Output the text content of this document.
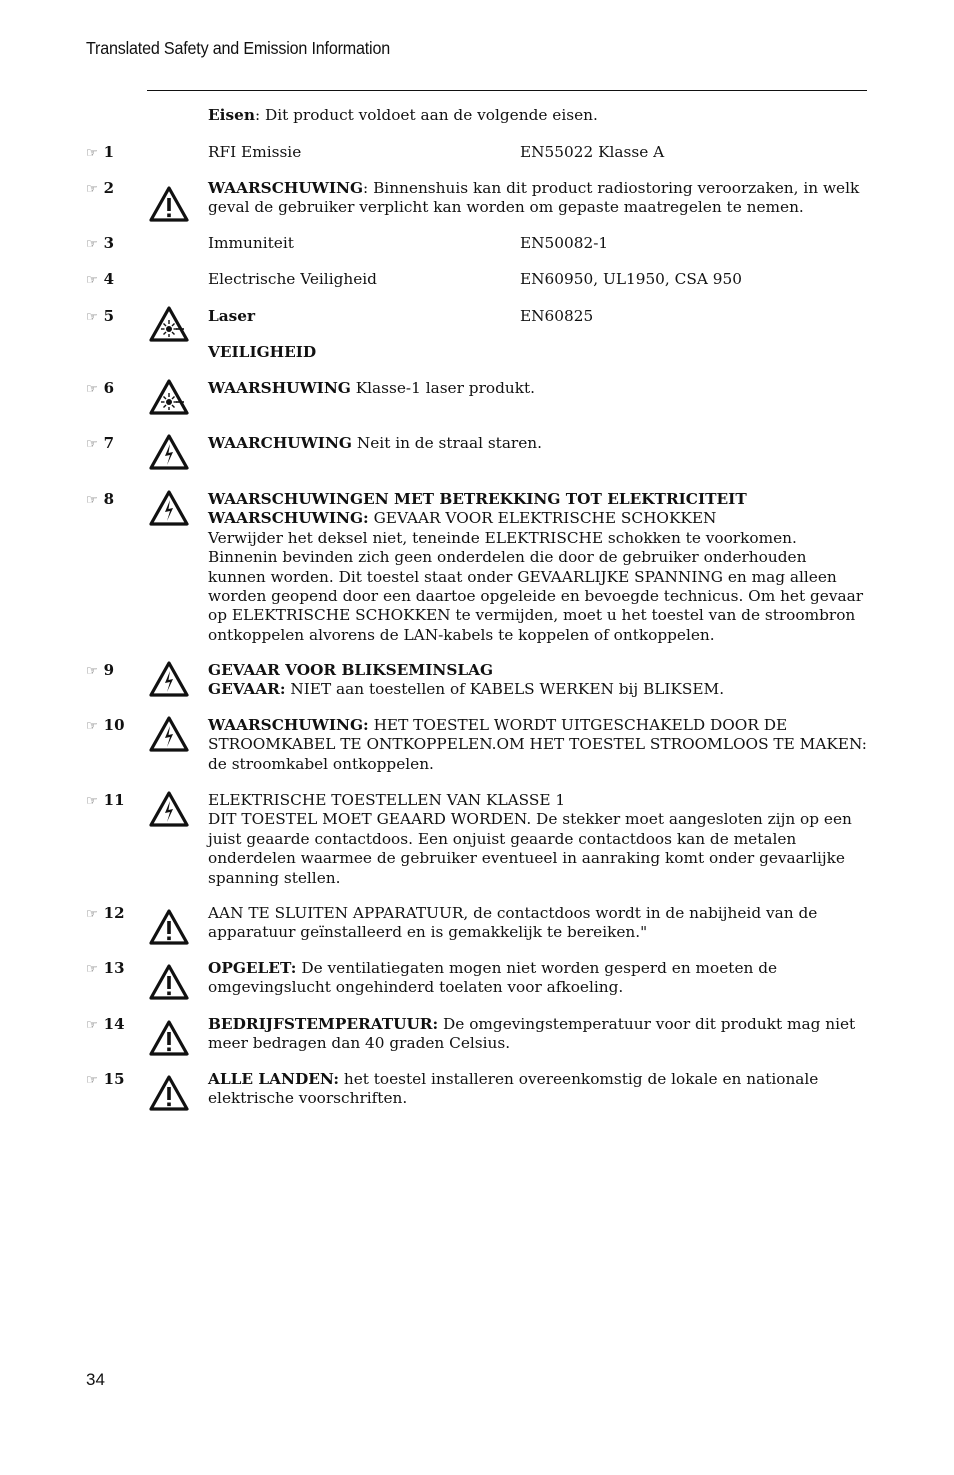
Translated Safety and Emission Information
Eisen: Dit product voldoet aan de volgende eisen.
☞ 1	RFI Emissie	EN55022 Klasse A
☞ 2	WAARSCHUWING: Binnenshuis kan dit product radiostoring veroorzaken, in welk geval de gebruiker verplicht kan worden om gepaste maatregelen te nemen.
☞ 3	Immuniteit	EN50082-1
☞ 4	Electrische Veiligheid	EN60950, UL1950, CSA 950
☞ 5	Laser	EN60825
VEILIGHEID
☞ 6	WAARSHUWING Klasse-1 laser produkt.
☞ 7	WAARCHUWING Neit in de straal staren.
☞ 8	WAARSCHUWINGEN MET BETREKKING TOT ELEKTRICITEIT
WAARSCHUWING: GEVAAR VOOR ELEKTRISCHE SCHOKKEN
Verwijder het deksel niet, teneinde ELEKTRISCHE schokken te voorkomen. Binnenin bevinden zich geen onderdelen die door de gebruiker onderhouden kunnen worden. Dit toestel staat onder GEVAARLIJKE SPANNING en mag alleen worden geopend door een daartoe opgeleide en bevoegde technicus. Om het gevaar op ELEKTRISCHE SCHOKKEN te vermijden, moet u het toestel van de stroombron ontkoppelen alvorens de LAN-kabels te koppelen of ontkoppelen.
☞ 9	GEVAAR VOOR BLIKSEMINSLAG
GEVAAR: NIET aan toestellen of KABELS WERKEN bij BLIKSEM.
☞ 10	WAARSCHUWING: HET TOESTEL WORDT UITGESCHAKELD DOOR DE STROOMKABEL TE ONTKOPPELEN.OM HET TOESTEL STROOMLOOS TE MAKEN: de stroomkabel ontkoppelen.
☞ 11	ELEKTRISCHE TOESTELLEN VAN KLASSE 1
DIT TOESTEL MOET GEAARD WORDEN. De stekker moet aangesloten zijn op een juist geaarde contactdoos. Een onjuist geaarde contactdoos kan de metalen onderdelen waarmee de gebruiker eventueel in aanraking komt onder gevaarlijke spanning stellen.
☞ 12	AAN TE SLUITEN APPARATUUR, de contactdoos wordt in de nabijheid van de apparatuur geïnstalleerd en is gemakkelijk te bereiken."
☞ 13	OPGELET: De ventilatiegaten mogen niet worden gesperd en moeten de omgevingslucht ongehinderd toelaten voor afkoeling.
☞ 14	BEDRIJFSTEMPERATUUR: De omgevingstemperatuur voor dit produkt mag niet meer bedragen dan 40 graden Celsius.
☞ 15	ALLE LANDEN: het toestel installeren overeenkomstig de lokale en nationale elektrische voorschriften.
34
